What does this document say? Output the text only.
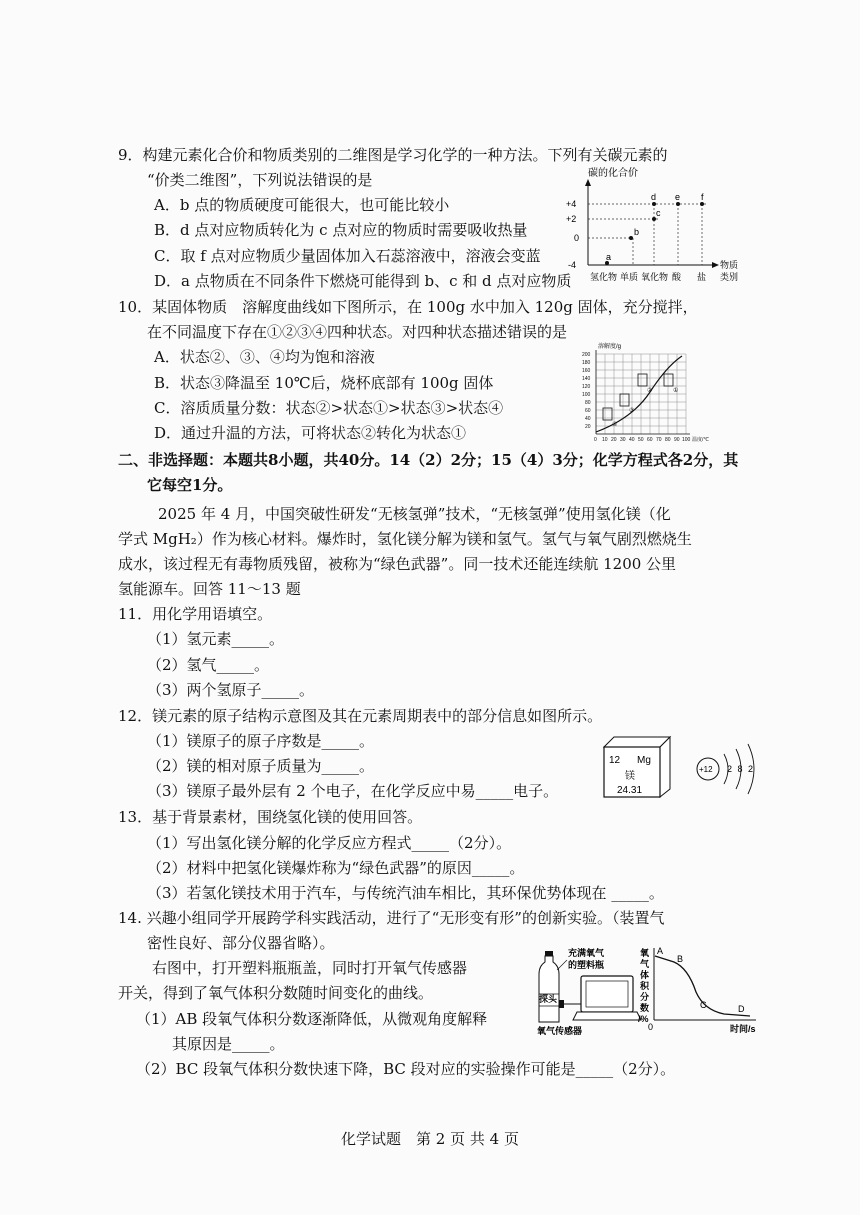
9．构建元素化合价和物质类别的二维图是学习化学的一种方法。下列有关碳元素的
“价类二维图”，下列说法错误的是
A．b 点的物质硬度可能很大，也可能比较小
B．d 点对应物质转化为 c 点对应的物质时需要吸收热量
C．取 f 点对应物质少量固体加入石蕊溶液中，溶液会变蓝
D．a 点物质在不同条件下燃烧可能得到 b、c 和 d 点对应物质
碳的化合价
+4
+2
0
-4
a
b
c
d e f
氢化物 单质 氧化物 酸 盐
物质
类别
10．某固体物质　溶解度曲线如下图所示，在 100g 水中加入 120g 固体，充分搅拌，
在不同温度下存在①②③④四种状态。对四种状态描述错误的是
A．状态②、③、④均为饱和溶液
B．状态③降温至 10℃后，烧杯底部有 100g 固体
C．溶质质量分数：状态②>状态①>状态③>状态④
D．通过升温的方法，可将状态②转化为状态①
溶解度/g
200
180
160
140
120
100
80
60
40
20
0 10 20 30 40 50 60 70 80 90 100 温度/℃
①
②
③
④
二、非选择题：本题共8小题，共40分。14（2）2分；15（4）3分；化学方程式各2分，其
它每空1分。
2025 年 4 月，中国突破性研发“无核氢弹”技术，“无核氢弹”使用氢化镁（化
学式 MgH₂）作为核心材料。爆炸时，氢化镁分解为镁和氢气。氢气与氧气剧烈燃烧生
成水，该过程无有毒物质残留，被称为“绿色武器”。同一技术还能连续航 1200 公里
氢能源车。回答 11～13 题
11．用化学用语填空。
（1）氢元素_____。
（2）氢气_____。
（3）两个氢原子_____。
12．镁元素的原子结构示意图及其在元素周期表中的部分信息如图所示。
（1）镁原子的原子序数是_____。
（2）镁的相对原子质量为_____。
（3）镁原子最外层有 2 个电子，在化学反应中易_____电子。
12 Mg
镁
24.31
+12 2 8 2
13．基于背景素材，围绕氢化镁的使用回答。
（1）写出氢化镁分解的化学反应方程式_____（2分）。
（2）材料中把氢化镁爆炸称为“绿色武器”的原因_____。
（3）若氢化镁技术用于汽车，与传统汽油车相比，其环保优势体现在 _____。
14. 兴趣小组同学开展跨学科实践活动，进行了“无形变有形”的创新实验。（装置气
密性良好、部分仪器省略）。
右图中，打开塑料瓶瓶盖，同时打开氧气传感器
开关，得到了氧气体积分数随时间变化的曲线。
（1）AB 段氧气体积分数逐渐降低，从微观角度解释
其原因是_____。
（2）BC 段氧气体积分数快速下降，BC 段对应的实验操作可能是_____（2分）。
充满氧气
的塑料瓶
探头
氧气传感器
氧
气
体
积
分
数
/%
A
B
C	D
0	时间/s
化学试题　第 2 页 共 4 页
